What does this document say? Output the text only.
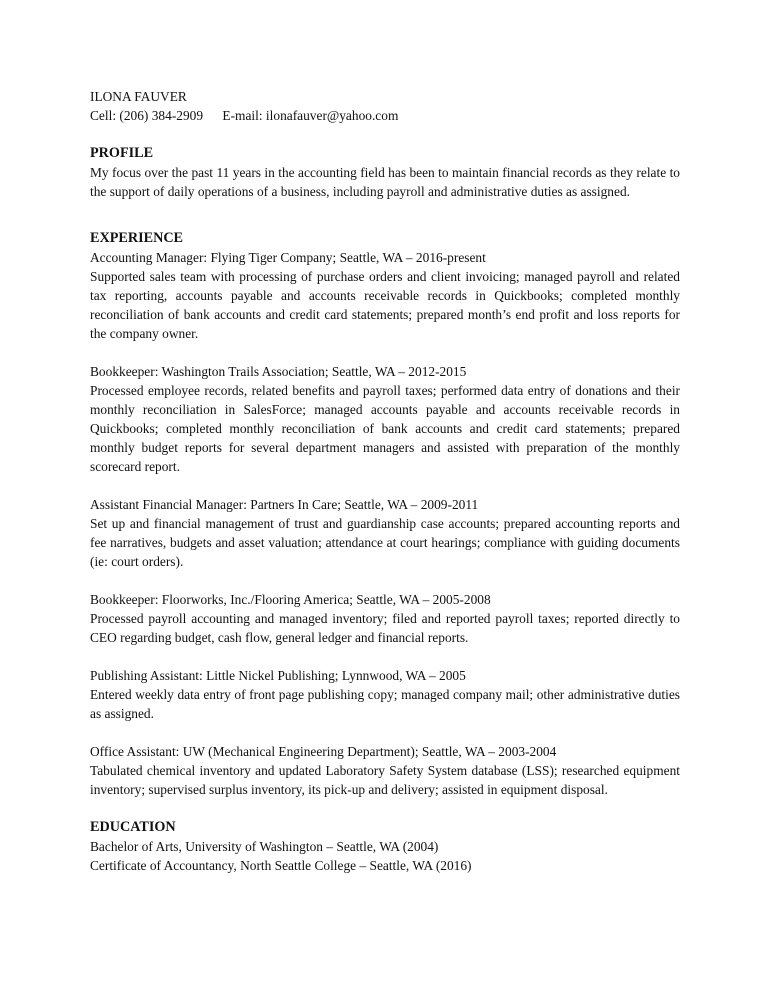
ILONA FAUVER
Cell: (206) 384-2909 E-mail: ilonafauver@yahoo.com
PROFILE
My focus over the past 11 years in the accounting field has been to maintain financial records as they relate to the support of daily operations of a business, including payroll and administrative duties as assigned.
EXPERIENCE
Accounting Manager: Flying Tiger Company; Seattle, WA – 2016-present
Supported sales team with processing of purchase orders and client invoicing; managed payroll and related tax reporting, accounts payable and accounts receivable records in Quickbooks; completed monthly reconciliation of bank accounts and credit card statements; prepared month’s end profit and loss reports for the company owner.
Bookkeeper: Washington Trails Association; Seattle, WA – 2012-2015
Processed employee records, related benefits and payroll taxes; performed data entry of donations and their monthly reconciliation in SalesForce; managed accounts payable and accounts receivable records in Quickbooks; completed monthly reconciliation of bank accounts and credit card statements; prepared monthly budget reports for several department managers and assisted with preparation of the monthly scorecard report.
Assistant Financial Manager: Partners In Care; Seattle, WA – 2009-2011
Set up and financial management of trust and guardianship case accounts; prepared accounting reports and fee narratives, budgets and asset valuation; attendance at court hearings; compliance with guiding documents (ie: court orders).
Bookkeeper: Floorworks, Inc./Flooring America; Seattle, WA – 2005-2008
Processed payroll accounting and managed inventory; filed and reported payroll taxes; reported directly to CEO regarding budget, cash flow, general ledger and financial reports.
Publishing Assistant: Little Nickel Publishing; Lynnwood, WA – 2005
Entered weekly data entry of front page publishing copy; managed company mail; other administrative duties as assigned.
Office Assistant: UW (Mechanical Engineering Department); Seattle, WA – 2003-2004
Tabulated chemical inventory and updated Laboratory Safety System database (LSS); researched equipment inventory; supervised surplus inventory, its pick-up and delivery; assisted in equipment disposal.
EDUCATION
Bachelor of Arts, University of Washington – Seattle, WA (2004)
Certificate of Accountancy, North Seattle College – Seattle, WA (2016)
